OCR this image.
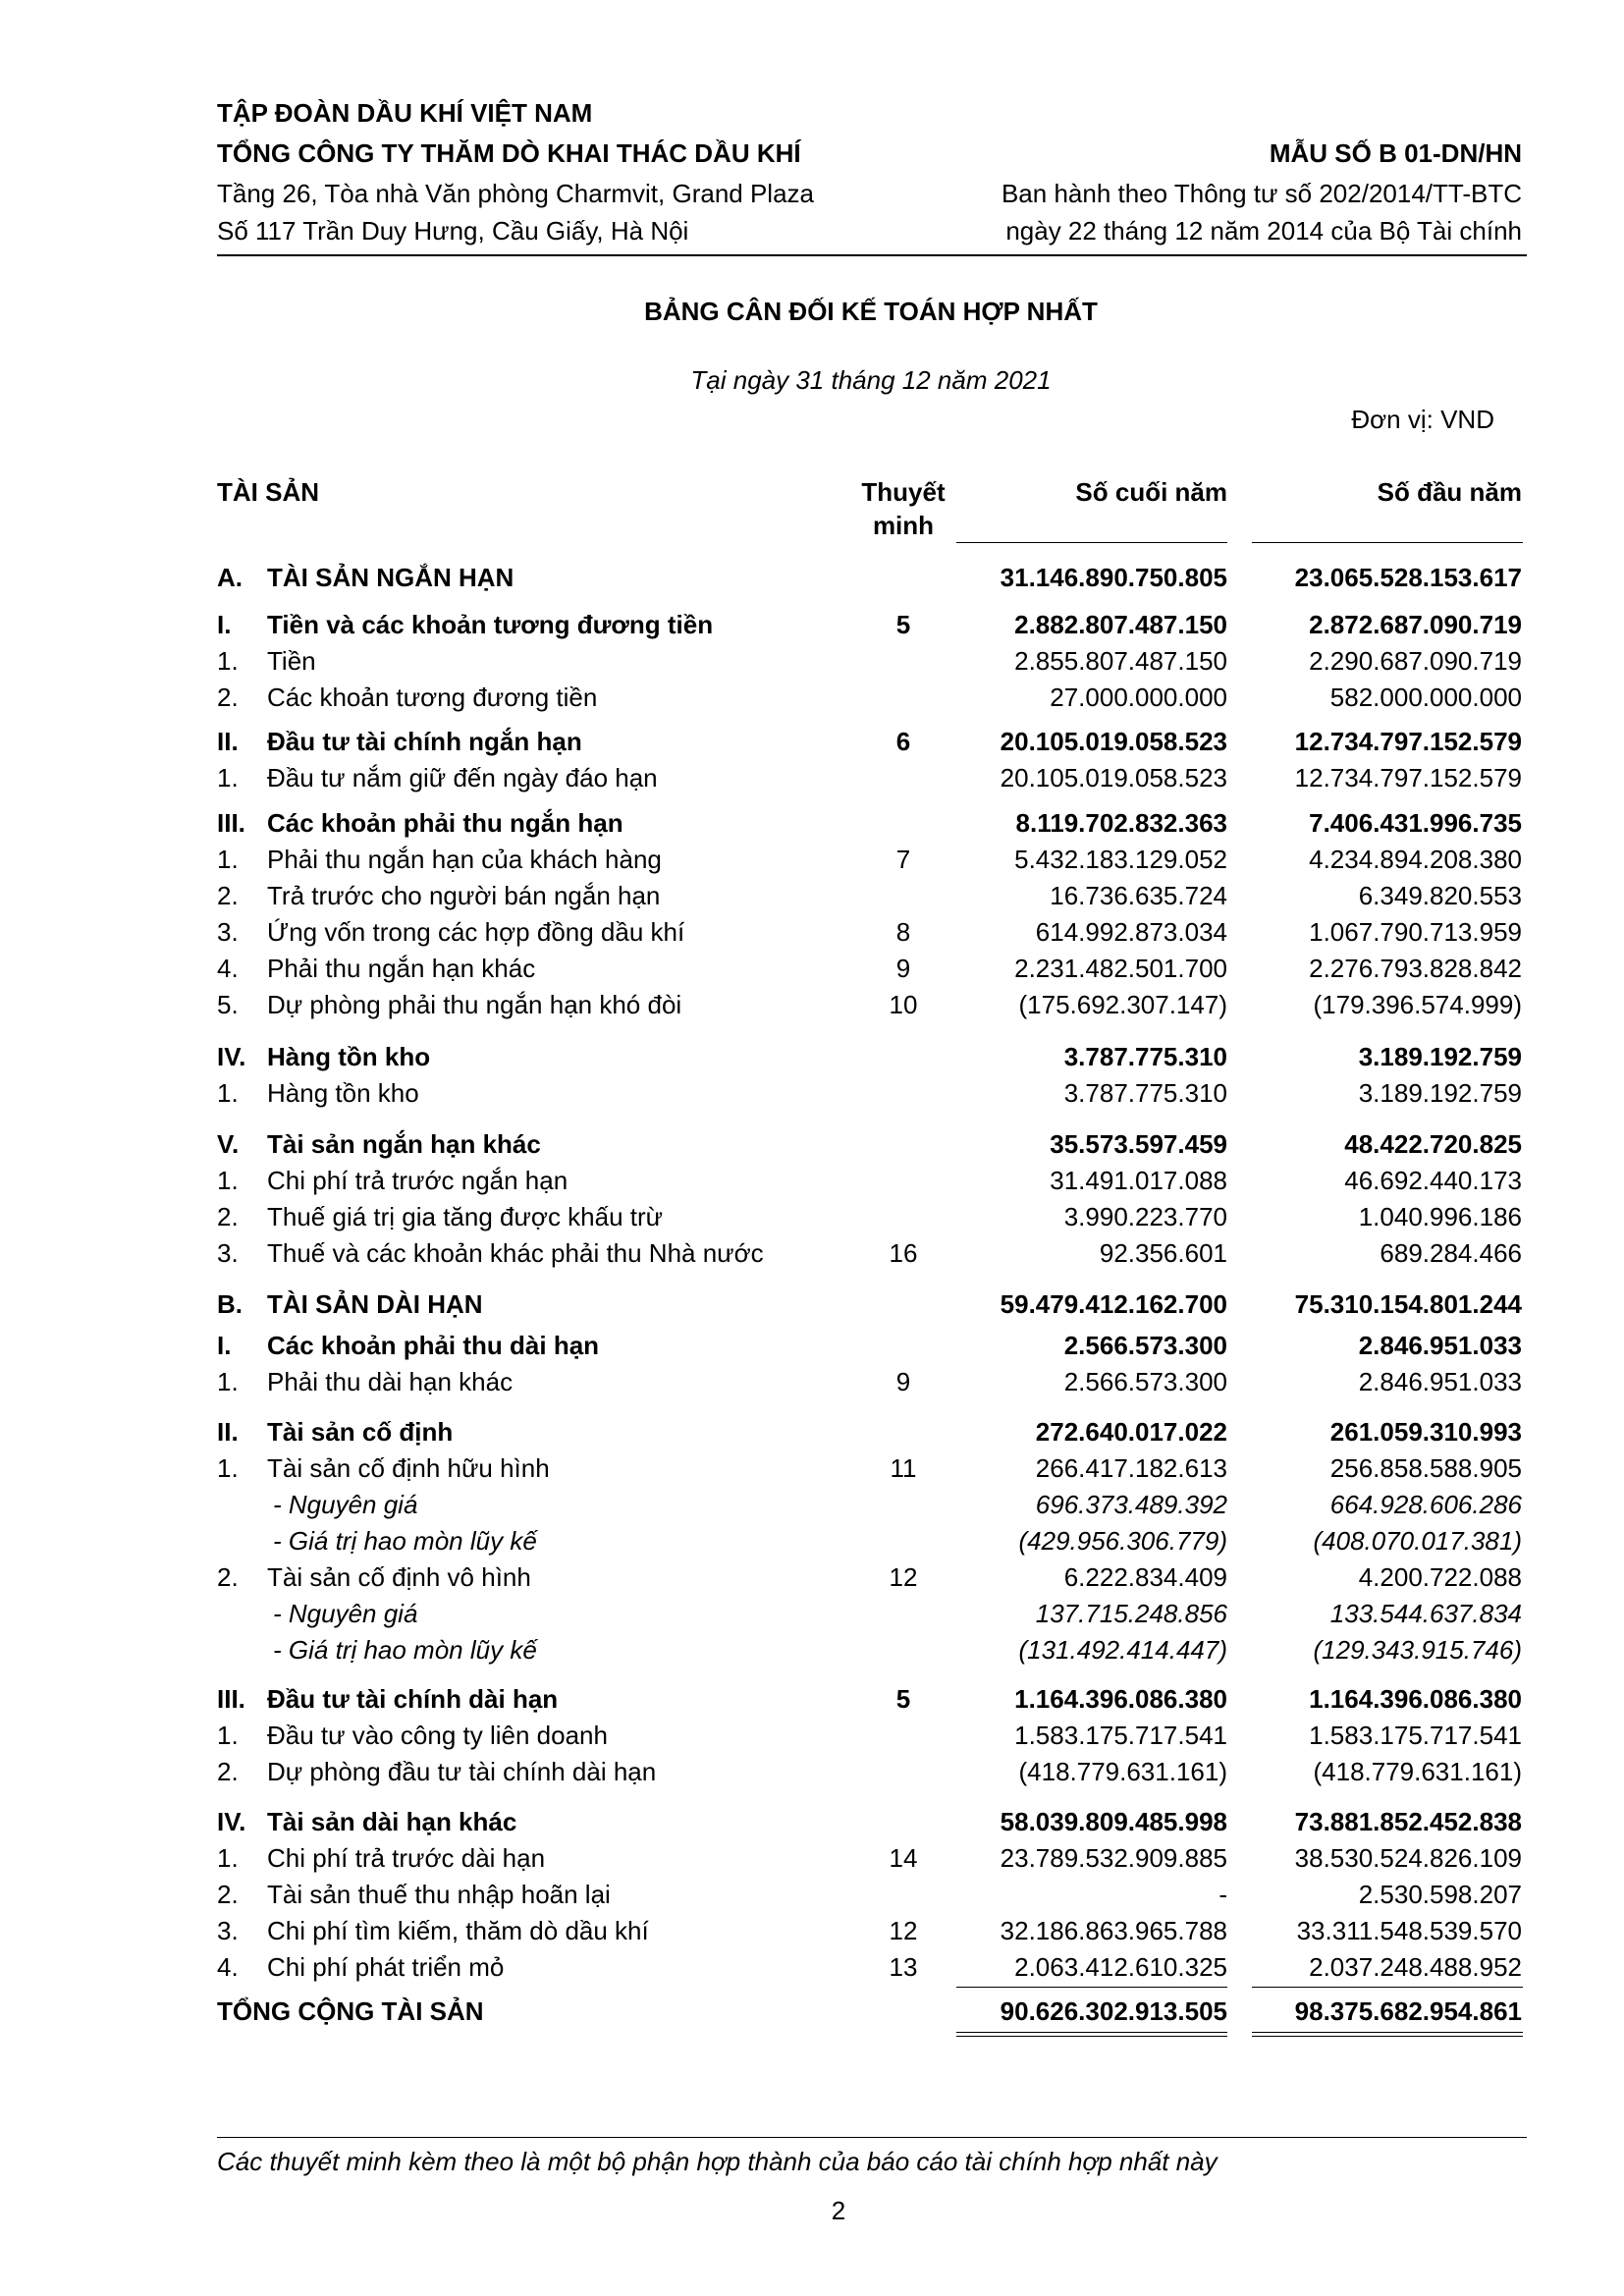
TẬP ĐOÀN DẦU KHÍ VIỆT NAM
TỔNG CÔNG TY THĂM DÒ KHAI THÁC DẦU KHÍ
Tầng 26, Tòa nhà Văn phòng Charmvit, Grand Plaza
Số 117 Trần Duy Hưng, Cầu Giấy, Hà Nội
MẪU SỐ B 01-DN/HN
Ban hành theo Thông tư số 202/2014/TT-BTC
ngày 22 tháng 12 năm 2014 của Bộ Tài chính
BẢNG CÂN ĐỐI KẾ TOÁN HỢP NHẤT
Tại ngày 31 tháng 12 năm 2021
Đơn vị: VND
TÀI SẢN	Thuyết
minh
Số cuối năm	Số đầu năm
A. TÀI SẢN NGẮN HẠN	31.146.890.750.805	23.065.528.153.617
I. Tiền và các khoản tương đương tiền	5	2.882.807.487.150	2.872.687.090.719
1. Tiền	2.855.807.487.150	2.290.687.090.719
2. Các khoản tương đương tiền	27.000.000.000	582.000.000.000
II. Đầu tư tài chính ngắn hạn	6	20.105.019.058.523	12.734.797.152.579
1. Đầu tư nắm giữ đến ngày đáo hạn	20.105.019.058.523	12.734.797.152.579
III. Các khoản phải thu ngắn hạn	8.119.702.832.363	7.406.431.996.735
1. Phải thu ngắn hạn của khách hàng	7	5.432.183.129.052	4.234.894.208.380
2. Trả trước cho người bán ngắn hạn	16.736.635.724	6.349.820.553
3. Ứng vốn trong các hợp đồng dầu khí	8	614.992.873.034	1.067.790.713.959
4. Phải thu ngắn hạn khác	9	2.231.482.501.700	2.276.793.828.842
5. Dự phòng phải thu ngắn hạn khó đòi	10	(175.692.307.147)	(179.396.574.999)
IV. Hàng tồn kho	3.787.775.310	3.189.192.759
1. Hàng tồn kho	3.787.775.310	3.189.192.759
V. Tài sản ngắn hạn khác	35.573.597.459	48.422.720.825
1. Chi phí trả trước ngắn hạn	31.491.017.088	46.692.440.173
2. Thuế giá trị gia tăng được khấu trừ	3.990.223.770	1.040.996.186
3. Thuế và các khoản khác phải thu Nhà nước	16	92.356.601	689.284.466
B. TÀI SẢN DÀI HẠN	59.479.412.162.700	75.310.154.801.244
I. Các khoản phải thu dài hạn	2.566.573.300	2.846.951.033
1. Phải thu dài hạn khác	9	2.566.573.300	2.846.951.033
II. Tài sản cố định	272.640.017.022	261.059.310.993
1. Tài sản cố định hữu hình	11	266.417.182.613	256.858.588.905
- Nguyên giá	696.373.489.392	664.928.606.286
- Giá trị hao mòn lũy kế	(429.956.306.779)	(408.070.017.381)
2. Tài sản cố định vô hình	12	6.222.834.409	4.200.722.088
- Nguyên giá	137.715.248.856	133.544.637.834
- Giá trị hao mòn lũy kế	(131.492.414.447)	(129.343.915.746)
III. Đầu tư tài chính dài hạn	5	1.164.396.086.380	1.164.396.086.380
1. Đầu tư vào công ty liên doanh	1.583.175.717.541	1.583.175.717.541
2. Dự phòng đầu tư tài chính dài hạn	(418.779.631.161)	(418.779.631.161)
IV. Tài sản dài hạn khác	58.039.809.485.998	73.881.852.452.838
1. Chi phí trả trước dài hạn	14	23.789.532.909.885	38.530.524.826.109
2. Tài sản thuế thu nhập hoãn lại	-	2.530.598.207
3. Chi phí tìm kiếm, thăm dò dầu khí	12	32.186.863.965.788	33.311.548.539.570
4. Chi phí phát triển mỏ	13	2.063.412.610.325	2.037.248.488.952
TỔNG CỘNG TÀI SẢN	90.626.302.913.505	98.375.682.954.861
Các thuyết minh kèm theo là một bộ phận hợp thành của báo cáo tài chính hợp nhất này
2
